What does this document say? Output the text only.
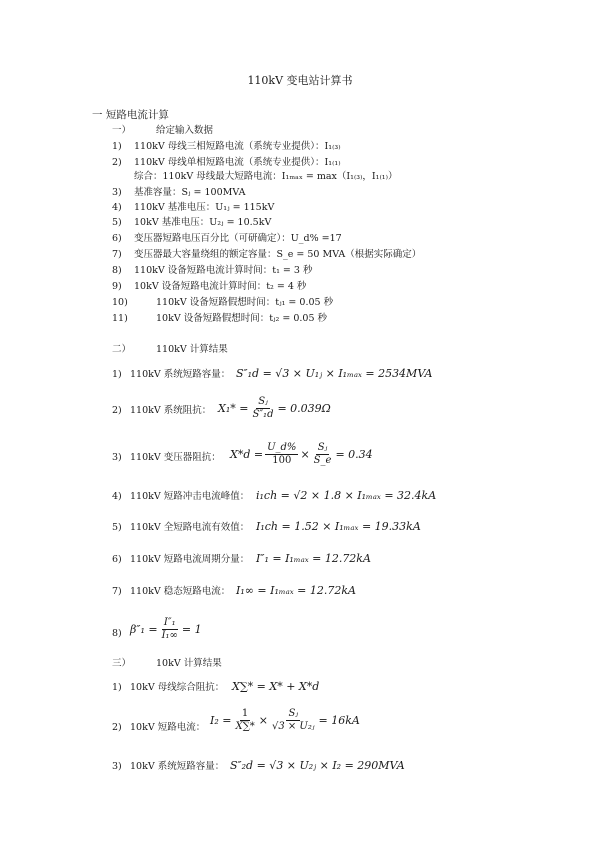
110kV 变电站计算书
一 短路电流计算
一）	给定输入数据
1) 110kV 母线三相短路电流（系统专业提供）：I₁₍₃₎
2) 110kV 母线单相短路电流（系统专业提供）：I₁₍₁₎
综合：110kV 母线最大短路电流：I₁ₘₐₓ = max（I₁₍₃₎，I₁₍₁₎）
3) 基准容量：Sⱼ = 100MVA
4) 110kV 基准电压：U₁ⱼ = 115kV
5) 10kV 基准电压：U₂ⱼ = 10.5kV
6) 变压器短路电压百分比（可研确定）：U_d% =17
7) 变压器最大容量绕组的额定容量：S_e = 50 MVA（根据实际确定）
8) 110kV 设备短路电流计算时间：t₁ = 3 秒
9) 10kV 设备短路电流计算时间：t₂ = 4 秒
10)	110kV 设备短路假想时间：tⱼ₁ = 0.05 秒
11)	10kV 设备短路假想时间：tⱼ₂ = 0.05 秒
二）	110kV 计算结果
1) 110kV 系统短路容量： S″₁d = √3 × U₁ⱼ × I₁ₘₐₓ = 2534MVA
2) 110kV 系统阻抗： $X_1* = \frac{\text{Sⱼ}}{\text{S″₁d}} = 0.039\Omega$
3) 110kV 变压器阻抗： $X*d = \frac{U\_d\%}{100} \times \frac{\text{Sⱼ}}{S\_e} = 0.34$
4) 110kV 短路冲击电流峰值： i₁ch = √2 × 1.8 × I₁ₘₐₓ = 32.4kA
5) 110kV 全短路电流有效值： I₁ch = 1.52 × I₁ₘₐₓ = 19.33kA
6) 110kV 短路电流周期分量： I″₁ = I₁ₘₐₓ = 12.72kA
7) 110kV 稳态短路电流： I₁∞ = I₁ₘₐₓ = 12.72kA
8) $\beta''_1 = \frac{\text{I″₁}}{\text{I₁∞}} = 1$
三）	10kV 计算结果
1) 10kV 母线综合阻抗： X∑* = X* + X*d
2) 10kV 短路电流：
$I_2 = \frac{1}{X\sum*} \times \frac{\text{Sⱼ}}{\text{√3 × U₂ⱼ}} = 16kA$
3) 10kV 系统短路容量： S″₂d = √3 × U₂ⱼ × I₂ = 290MVA
